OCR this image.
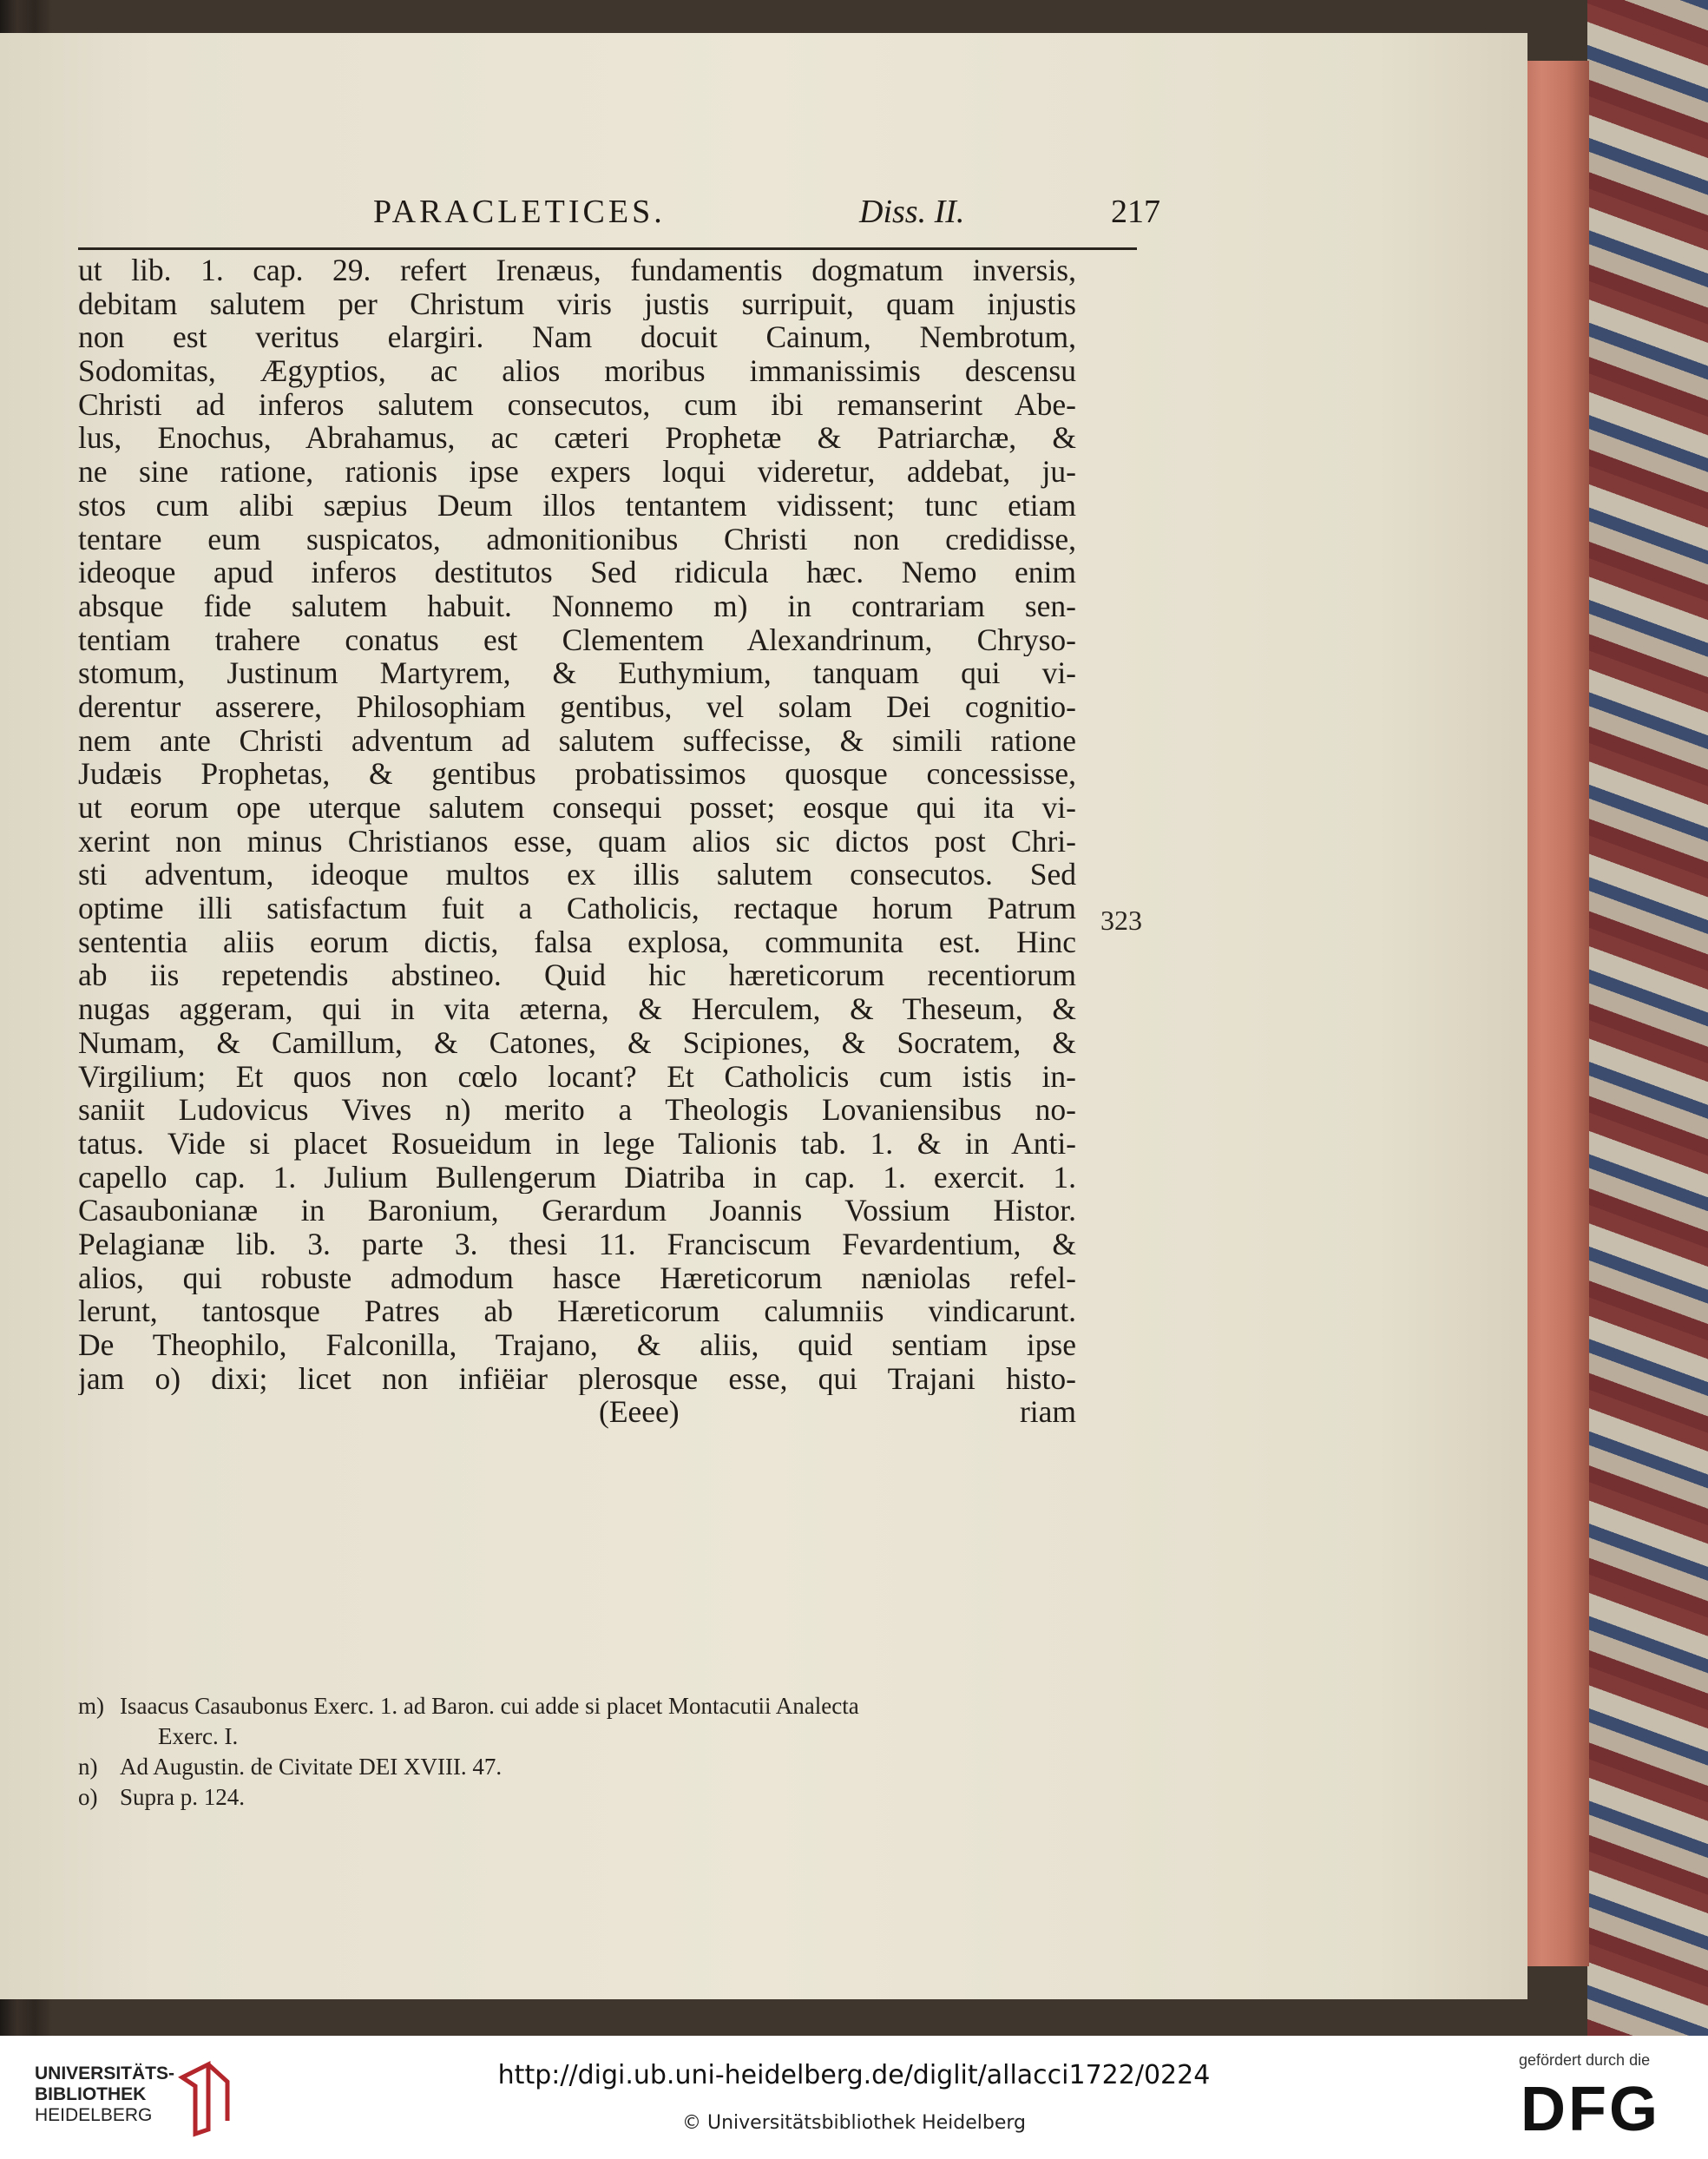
PARACLETICES.	Diss. II.	217
ut lib. 1. cap. 29. refert Irenæus, fundamentis dogmatum inversis,
debitam salutem per Christum viris justis surripuit, quam injustis
non est veritus elargiri. Nam docuit Cainum, Nembrotum,
Sodomitas, Ægyptios, ac alios moribus immanissimis descensu
Christi ad inferos salutem consecutos, cum ibi remanserint Abe-
lus, Enochus, Abrahamus, ac cæteri Prophetæ & Patriarchæ, &
ne sine ratione, rationis ipse expers loqui videretur, addebat, ju-
stos cum alibi sæpius Deum illos tentantem vidissent; tunc etiam
tentare eum suspicatos, admonitionibus Christi non credidisse,
ideoque apud inferos destitutos Sed ridicula hæc. Nemo enim
absque fide salutem habuit. Nonnemo m) in contrariam sen-
tentiam trahere conatus est Clementem Alexandrinum, Chryso-
stomum, Justinum Martyrem, & Euthymium, tanquam qui vi-
derentur asserere, Philosophiam gentibus, vel solam Dei cognitio-
nem ante Christi adventum ad salutem suffecisse, & simili ratione
Judæis Prophetas, & gentibus probatissimos quosque concessisse,
ut eorum ope uterque salutem consequi posset; eosque qui ita vi-
xerint non minus Christianos esse, quam alios sic dictos post Chri-
sti adventum, ideoque multos ex illis salutem consecutos. Sed
optime illi satisfactum fuit a Catholicis, rectaque horum Patrum
sententia aliis eorum dictis, falsa explosa, communita est. Hinc
ab iis repetendis abstineo. Quid hic hæreticorum recentiorum
nugas aggeram, qui in vita æterna, & Herculem, & Theseum, &
Numam, & Camillum, & Catones, & Scipiones, & Socratem, &
Virgilium; Et quos non cœlo locant? Et Catholicis cum istis in-
saniit Ludovicus Vives n) merito a Theologis Lovaniensibus no-
tatus. Vide si placet Rosueidum in lege Talionis tab. 1. & in Anti-
capello cap. 1. Julium Bullengerum Diatriba in cap. 1. exercit. 1.
Casaubonianæ in Baronium, Gerardum Joannis Vossium Histor.
Pelagianæ lib. 3. parte 3. thesi 11. Franciscum Fevardentium, &
alios, qui robuste admodum hasce Hæreticorum næniolas refel-
lerunt, tantosque Patres ab Hæreticorum calumniis vindicarunt.
De Theophilo, Falconilla, Trajano, & aliis, quid sentiam ipse
jam o) dixi; licet non infiëiar plerosque esse, qui Trajani histo-
(Eeee)	riam
323
m) Isaacus Casaubonus Exerc. 1. ad Baron. cui adde si placet Montacutii Analecta
Exerc. I.
n) Ad Augustin. de Civitate DEI XVIII. 47.
o) Supra p. 124.
UNIVERSITÄTS-
BIBLIOTHEK
HEIDELBERG
http://digi.ub.uni-heidelberg.de/diglit/allacci1722/0224
© Universitätsbibliothek Heidelberg
gefördert durch die
DFG
